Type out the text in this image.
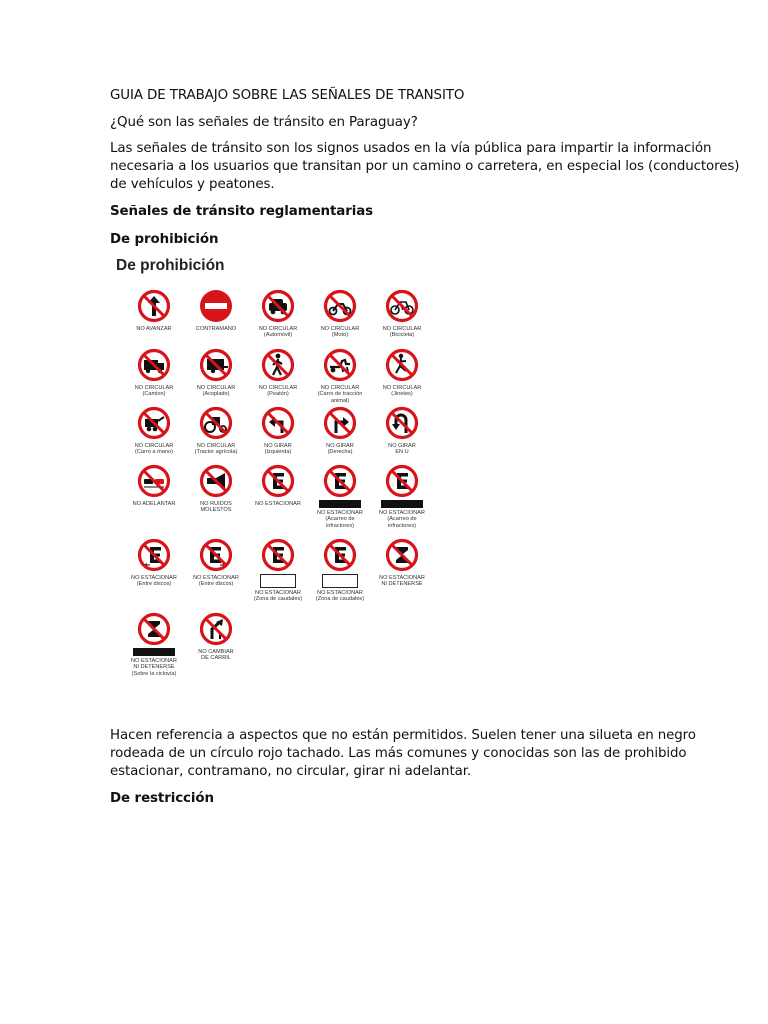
GUIA DE TRABAJO SOBRE LAS SEÑALES DE TRANSITO

¿Qué son las señales de tránsito en Paraguay?

Las señales de tránsito son los signos usados en la vía pública para impartir la información

necesaria a los usuarios que transitan por un camino o carretera, en especial los (conductores)

de vehículos y peatones.

Señales de tránsito reglamentarias

De prohibición

De prohibición
NO AVANZAR	CONTRAMANO	NO CIRCULAR
(Automóvil)
NO CIRCULAR
(Moto)
NO CIRCULAR
(Bicicleta)
NO CIRCULAR
(Camion)
NO CIRCULAR
(Acoplado)
NO CIRCULAR
(Peatón)
NO CIRCULAR
(Carro de tracción animal)
NO CIRCULAR
(Jinetes)
NO CIRCULAR
(Carro a mano)
NO CIRCULAR
(Tractor agrícola)
NO GIRAR
(Izquierda)
NO GIRAR
(Derecha)
NO GIRAR
EN U
NO ADELANTAR	NO RUIDOS
MOLESTOS
NO ESTACIONAR
NO ESTACIONAR
(Acarreo de
infractores)
NO ESTACIONAR
(Acarreo de
infractores)
NO ESTACIONAR
(Entre discos)
NO ESTACIONAR
(Entre discos)
NO ESTACIONAR
(Zona de caudales)
NO ESTACIONAR
(Zona de caudales)
NO ESTACIONAR
NI DETENERSE
NO ESTACIONAR
NI DETENERSE
(Sobre la ciclovía)
NO CAMBIAR
DE CARRIL

Hacen referencia a aspectos que no están permitidos. Suelen tener una silueta en negro

rodeada de un círculo rojo tachado. Las más comunes y conocidas son las de prohibido

estacionar, contramano, no circular, girar ni adelantar.

De restricción
